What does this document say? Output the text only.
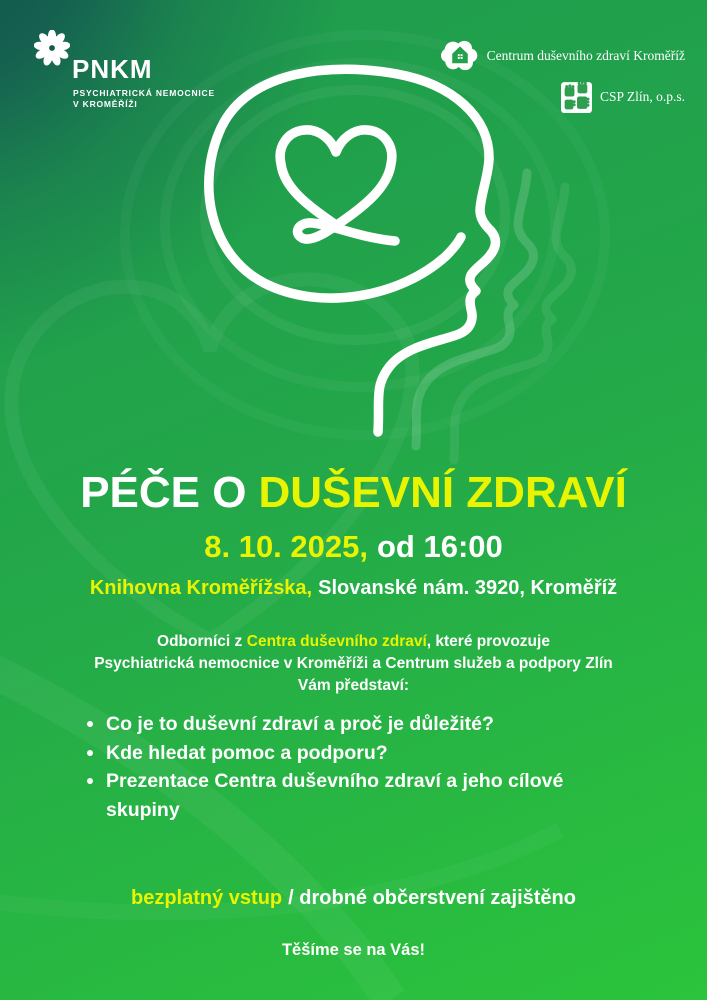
PNKM
PSYCHIATRICKÁ NEMOCNICE
V KROMĚŘÍŽI
Centrum duševního zdraví Kroměříž
CSP Zlín, o.p.s.
PÉČE O DUŠEVNÍ ZDRAVÍ
8. 10. 2025, od 16:00
Knihovna Kroměřížska, Slovanské nám. 3920, Kroměříž
Odborníci z Centra duševního zdraví, které provozuje
Psychiatrická nemocnice v Kroměříži a Centrum služeb a podpory Zlín
Vám představí:
Co je to duševní zdraví a proč je důležité?
Kde hledat pomoc a podporu?
Prezentace Centra duševního zdraví a jeho cílové skupiny
bezplatný vstup / drobné občerstvení zajištěno
Těšíme se na Vás!
